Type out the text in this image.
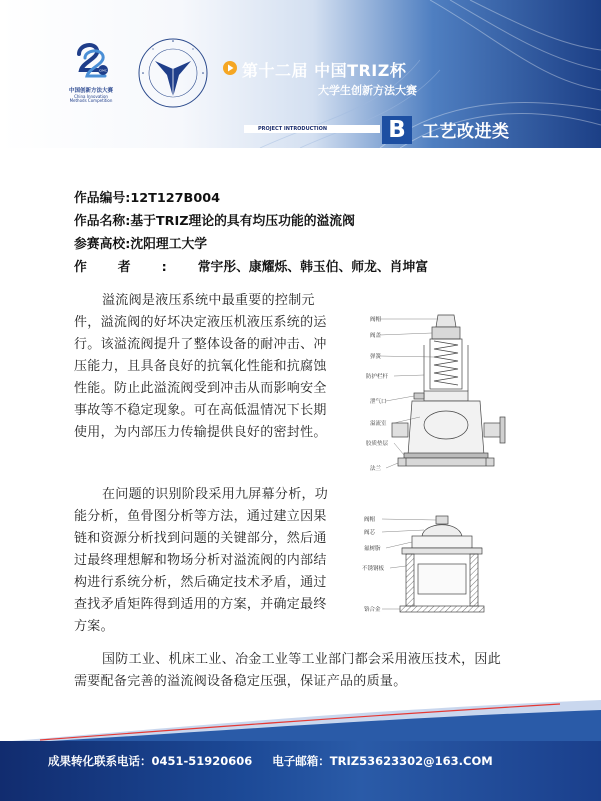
CIMC
中国创新方法大赛
China Innovation
Methods Competition
第十二届 中国TRIZ杯
大学生创新方法大赛
PROJECT INTRODUCTION	B 工艺改进类
作品编号:12T127B004
作品名称:基于TRIZ理论的具有均压功能的溢流阀
参赛高校:沈阳理工大学
作者:常宇彤、康耀烁、韩玉伯、师龙、肖坤富

溢流阀是液压系统中最重要的控制元件，溢流阀的好坏决定液压机液压系统的运行。该溢流阀提升了整体设备的耐冲击、冲压能力，且具备良好的抗氧化性能和抗腐蚀性能。防止此溢流阀受到冲击从而影响安全事故等不稳定现象。可在高低温情况下长期使用，为内部压力传输提供良好的密封性。

在问题的识别阶段采用九屏幕分析，功能分析，鱼骨图分析等方法，通过建立因果链和资源分析找到问题的关键部分，然后通过最终理想解和物场分析对溢流阀的内部结构进行系统分析，然后确定技术矛盾，通过查找矛盾矩阵得到适用的方案，并确定最终方案。

国防工业、机床工业、冶金工业等工业部门都会采用液压技术，因此需要配备完善的溢流阀设备稳定压强，保证产品的质量。

阀帽
阀盖
弹簧
防护栏杆
泄气口
溢流室
胶质垫层
法兰
阀帽
阀芯
氟树脂
不锈钢板
铬合金
成果转化联系电话：0451-51920606 电子邮箱：TRIZ53623302@163.COM
